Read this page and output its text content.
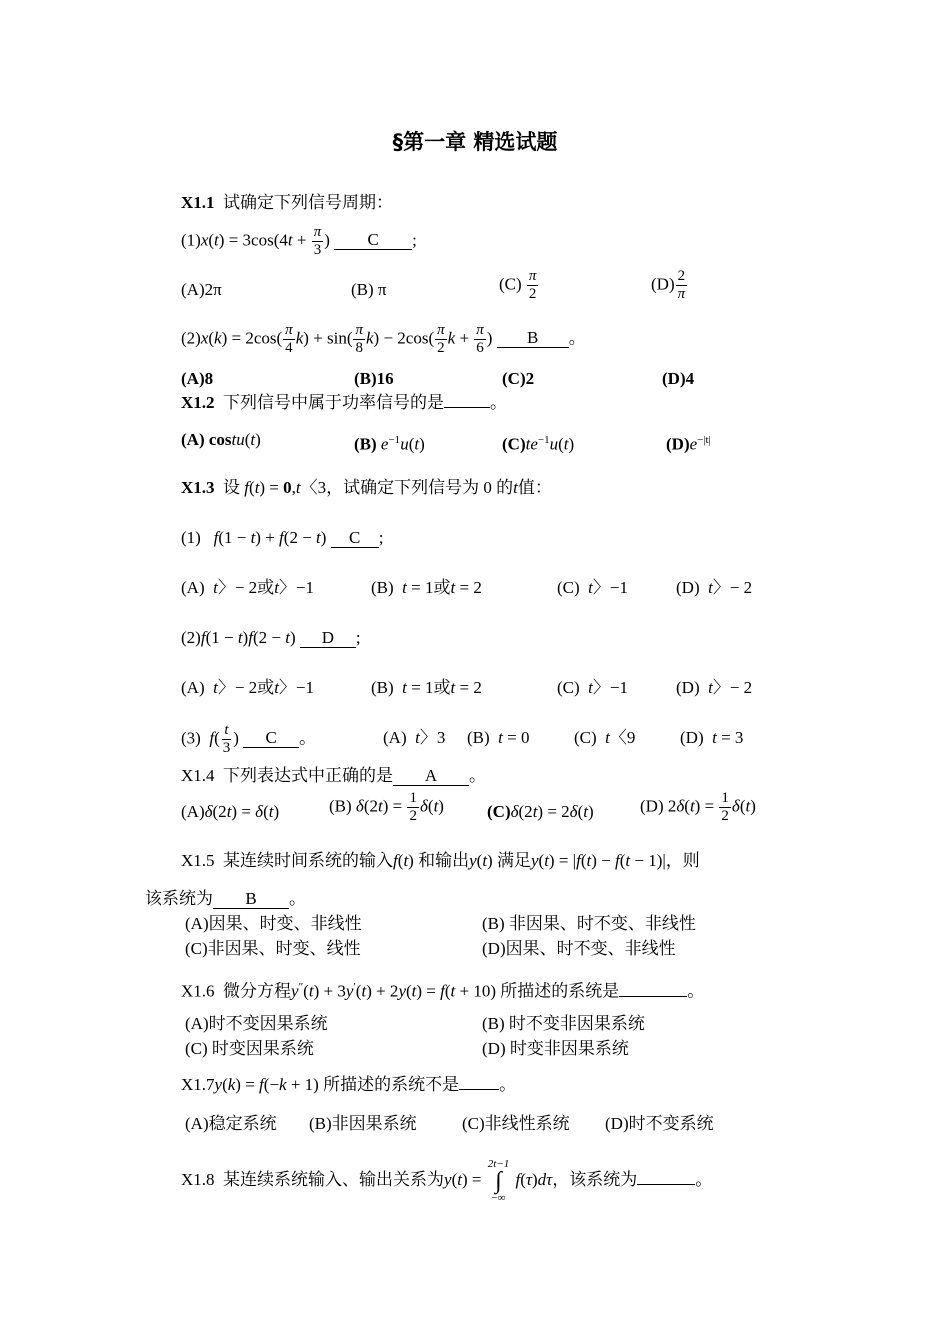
§第一章 精选试题
X1.1 试确定下列信号周期：
$(1)x(t) = 3\cos(4t + \frac{\pi}{3}$ ) C ;
(A)2π	(B) π	$(C) \frac{\pi}{2}$	$(D) \frac{2}{\pi}$
$(2)x(k) = 2\cos( \frac{\pi}{4} k) + \sin( \frac{\pi}{8} k) - 2\cos( \frac{\pi}{2}$ $k + \frac{\pi}{6}$ ) B 。
(A)8	(B)16	(C)2	(D)4
X1.2 下列信号中属于功率信号的是	。
(A) costu(t)	(B) $e^{-1}u(t)$	$(C)te^{-1}u(t)$	$(D)e^{-|t|}$
X1.3 设 f(t) = 0,t〈3，试确定下列信号为 0 的t值：
(1) f(1 − t) + f(2 − t) C ;
(A) t〉− 2或t〉−1	(B) t = 1或t = 2	(C) t〉−1	(D) t〉− 2
(2)f(1 − t)f(2 − t) D ;
(A) t〉− 2或t〉−1	(B) t = 1或t = 2	(C) t〉−1	(D) t〉− 2
(3) $f( \frac{t}{3}$ ) C 。	(A) t〉3 (B) t = 0	(C) t〈9	(D) t = 3
X1.4 下列表达式中正确的是 A 。
(A)δ(2t) = δ(t)	(B) $\delta(2t) = \frac{1}{2} \delta(t)$	(C)δ(2t) = 2δ(t)	(D) $2\delta(t) = \frac{1}{2} \delta(t)$
X1.5 某连续时间系统的输入f(t) 和输出y(t) 满足y(t) = |f(t) − f(t − 1)|，则
该系统为 B 。
(A)因果、时变、非线性	(B) 非因果、时不变、非线性
(C)非因果、时变、线性	(D)因果、时不变、非线性
X1.6 微分方程y″(t) + 3y′(t) + 2y(t) = f(t + 10) 所描述的系统是	。
(A)时不变因果系统	(B) 时不变非因果系统
(C) 时变因果系统	(D) 时变非因果系统
X1.7y(k) = f(−k + 1) 所描述的系统不是 。
(A)稳定系统 (B)非因果系统	(C)非线性系统 (D)时不变系统
X1.8 某连续系统输入、输出关系为y(t) =
2t−1
∫
−∞
f(τ)dτ，该系统为	。
